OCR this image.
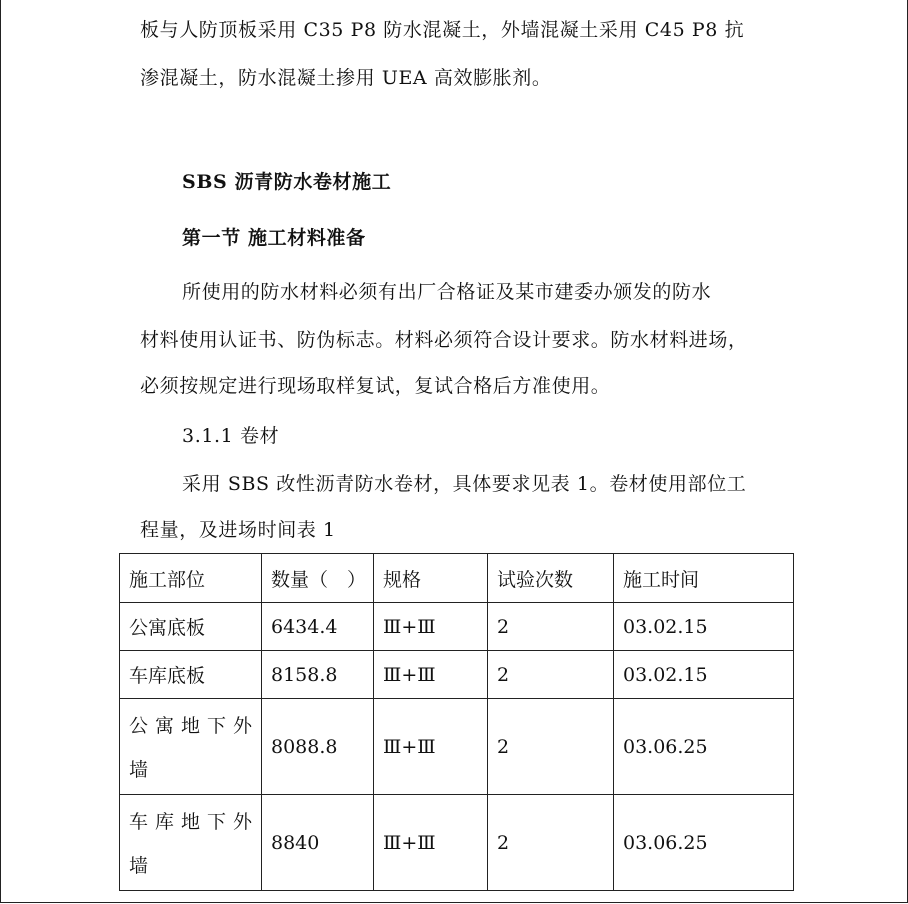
板与人防顶板采用 C35 P8 防水混凝土，外墙混凝土采用 C45 P8 抗
渗混凝土，防水混凝土掺用 UEA 高效膨胀剂。
SBS 沥青防水卷材施工
第一节 施工材料准备
所使用的防水材料必须有出厂合格证及某市建委办颁发的防水
材料使用认证书、防伪标志。材料必须符合设计要求。防水材料进场，
必须按规定进行现场取样复试，复试合格后方准使用。
3.1.1 卷材
采用 SBS 改性沥青防水卷材，具体要求见表 1。卷材使用部位工
程量，及进场时间表 1
施工部位	数量（　）	规格	试验次数	施工时间
公寓底板	6434.4	Ⅲ+Ⅲ	2	03.02.15
车库底板	8158.8	Ⅲ+Ⅲ	2	03.02.15
公寓地下外墙	8088.8	Ⅲ+Ⅲ	2	03.06.25
车库地下外墙	8840	Ⅲ+Ⅲ	2	03.06.25
